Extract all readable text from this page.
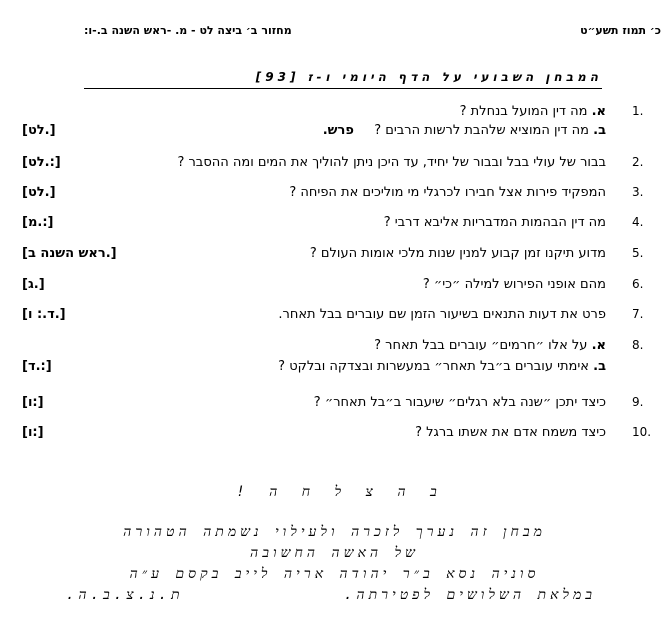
כ׳ תמוז תשע״ט
מחזור ב׳ ביצה לט - מ. -ראש השנה ב.-ו:
המבחן השבועי על הדף היומי ו-ז [93]
1.
א. מה דין המועל בנחלת ?
ב. מה דין המוציא שלהבת לרשות הרבים ?  פרש.
[לט.]
2.
בבור של עולי בבל ובבור של יחיד, עד היכן ניתן להוליך את המים ומה ההסבר ?
[לט.:]
3.
המפקיד פירות אצל חבירו לכרגלי מי מוליכים את הפיחה ?
[לט.]
4.
מה דין הבהמות המדבריות אליבא דרבי ?
[מ.:]
5.
מדוע תיקנו זמן קבוע למנין שנות מלכי אומות העולם ?
[ראש השנה ב.]
6.
מהם אופני הפירוש למילה ״כי״ ?
[ג.]
7.
פרט את דעות התנאים בשיעור הזמן שם עוברים בבל תאחר.
[ד.: ו.]
8.
א. על אלו ״חרמים״ עוברים בבל תאחר ?
ב. אימתי עוברים ב״בל תאחר״ במעשרות ובצדקה ובלקט ?
[ד.:]
9.
כיצד יתכן ״שנה בלא רגלים״ שיעבור ב״בל תאחר״ ?
[ו:]
10.
כיצד משמח אדם את אשתו ברגל ?
[ו:]
ב ה צ ל ח ה !
מבחן זה נערך לזכרה ולעילוי נשמתה הטהורה
של האשה החשובה
סוניה נסא ב״ר יהודה אריה לייב בקסם ע״ה
במלאת השלושים לפטירתה.
ת.נ.צ.ב.ה.
